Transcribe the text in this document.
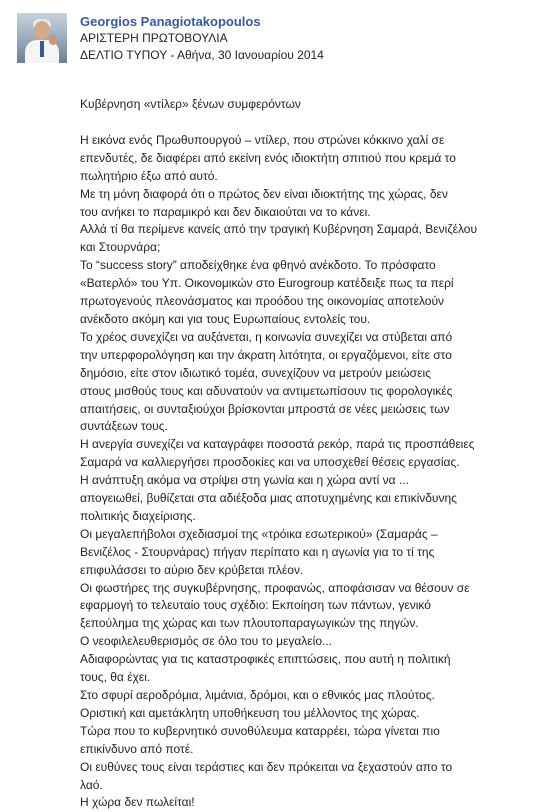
Georgios Panagiotakopoulos
ΑΡΙΣΤΕΡΗ ΠΡΩΤΟΒΟΥΛΙΑ
ΔΕΛΤΙΟ ΤΥΠΟΥ - Αθήνα, 30 Ιανουαρίου 2014
Κυβέρνηση «ντίλερ» ξένων συμφερόντων
Η εικόνα ενός Πρωθυπουργού – ντίλερ, που στρώνει κόκκινο χαλί σε
επενδυτές, δε διαφέρει από εκείνη ενός ιδιοκτήτη σπιτιού που κρεμά το
πωλητήριο έξω από αυτό.
Με τη μόνη διαφορά ότι ο πρώτος δεν είναι ιδιοκτήτης της χώρας, δεν
του ανήκει το παραμικρό και δεν δικαιούται να το κάνει.
Αλλά τί θα περίμενε κανείς από την τραγική Κυβέρνηση Σαμαρά, Βενιζέλου
και Στουρνάρα;
Το “success story” αποδείχθηκε ένα φθηνό ανέκδοτο. Το πρόσφατο
«Βατερλό» του Υπ. Οικονομικών στο Eurogroup κατέδειξε πως τα περί
πρωτογενούς πλεονάσματος και προόδου της οικονομίας αποτελούν
ανέκδοτο ακόμη και για τους Ευρωπαίους εντολείς του.
Το χρέος συνεχίζει να αυξάνεται, η κοινωνία συνεχίζει να στύβεται από
την υπερφορολόγηση και την άκρατη λιτότητα, οι εργαζόμενοι, είτε στο
δημόσιο, είτε στον ιδιωτικό τομέα, συνεχίζουν να μετρούν μειώσεις
στους μισθούς τους και αδυνατούν να αντιμετωπίσουν τις φορολογικές
απαιτήσεις, οι συνταξιούχοι βρίσκονται μπροστά σε νέες μειώσεις των
συντάξεων τους.
Η ανεργία συνεχίζει να καταγράφει ποσοστά ρεκόρ, παρά τις προσπάθειες
Σαμαρά να καλλιεργήσει προσδοκίες και να υποσχεθεί θέσεις εργασίας.
Η ανάπτυξη ακόμα να στρίψει στη γωνία και η χώρα αντί να ...
απογειωθεί, βυθίζεται στα αδιέξοδα μιας αποτυχημένης και επικίνδυνης
πολιτικής διαχείρισης.
Οι μεγαλεπήβολοι σχεδιασμοί της «τρόικα εσωτερικού» (Σαμαράς –
Βενιζέλος - Στουρνάρας) πήγαν περίπατο και η αγωνία για το τί της
επιφυλάσσει το αύριο δεν κρύβεται πλέον.
Οι φωστήρες της συγκυβέρνησης, προφανώς, αποφάσισαν να θέσουν σε
εφαρμογή το τελευταίο τους σχέδιο: Εκποίηση των πάντων, γενικό
ξεπούλημα της χώρας και των πλουτοπαραγωγικών της πηγών.
Ο νεοφιλελευθερισμός σε όλο του το μεγαλείο...
Αδιαφορώντας για τις καταστροφικές επιπτώσεις, που αυτή η πολιτική
τους, θα έχει.
Στο σφυρί αεροδρόμια, λιμάνια, δρόμοι, και ο εθνικός μας πλούτος.
Οριστική και αμετάκλητη υποθήκευση του μέλλοντος της χώρας.
Τώρα που το κυβερνητικό συνοθύλευμα καταρρέει, τώρα γίνεται πιο
επικίνδυνο από ποτέ.
Οι ευθύνες τους είναι τεράστιες και δεν πρόκειται να ξεχαστούν απο το
λαό.
Η χώρα δεν πωλείται!
